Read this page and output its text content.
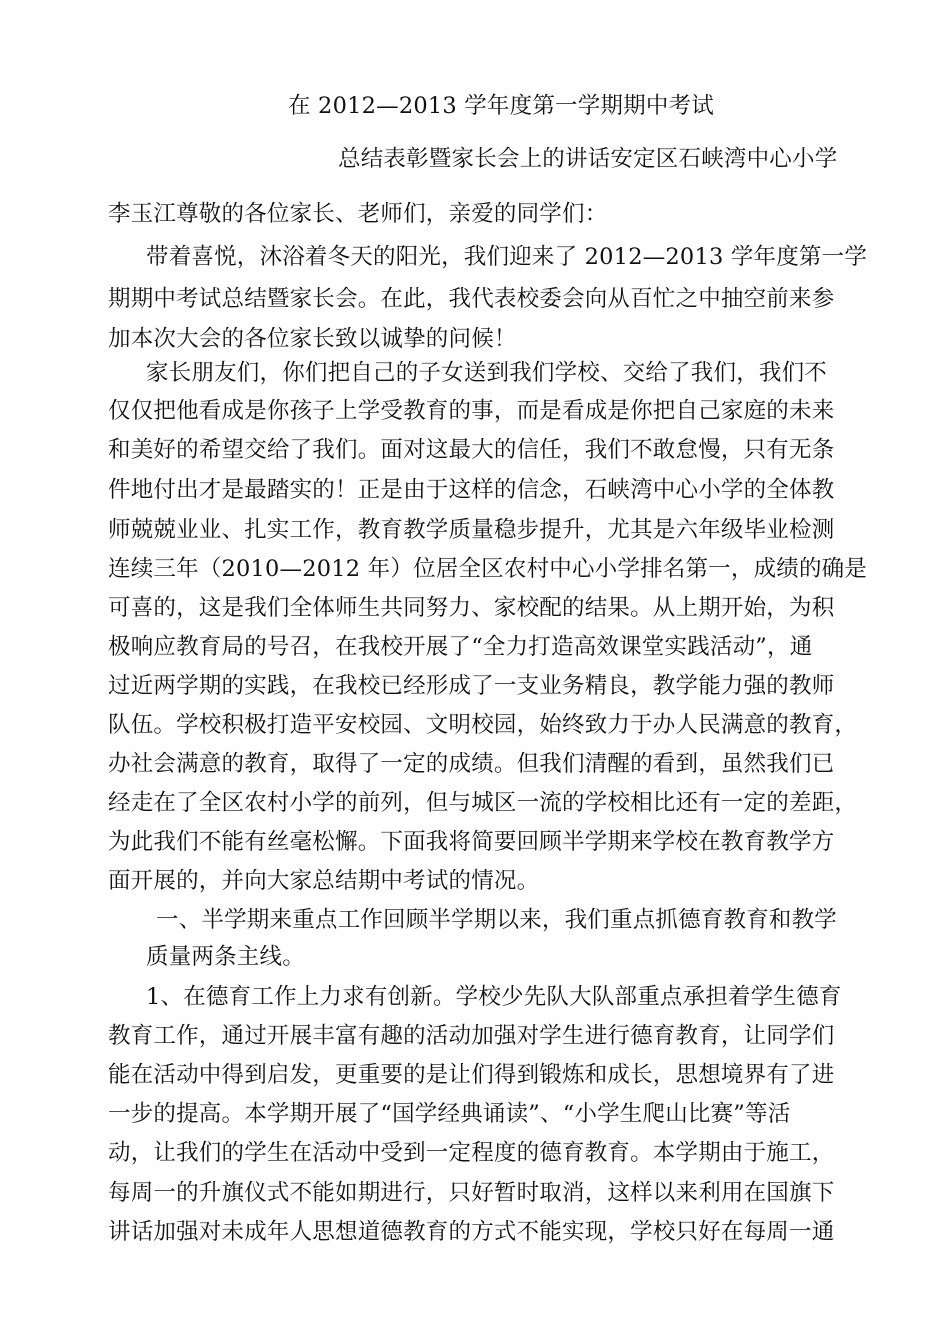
在 2012—2013 学年度第一学期期中考试
总结表彰暨家长会上的讲话安定区石峡湾中心小学
李玉江尊敬的各位家长、老师们，亲爱的同学们：
带着喜悦，沐浴着冬天的阳光，我们迎来了 2012—2013 学年度第一学
期期中考试总结暨家长会。在此，我代表校委会向从百忙之中抽空前来参
加本次大会的各位家长致以诚挚的问候！
家长朋友们，你们把自己的子女送到我们学校、交给了我们，我们不
仅仅把他看成是你孩子上学受教育的事，而是看成是你把自己家庭的未来
和美好的希望交给了我们。面对这最大的信任，我们不敢怠慢，只有无条
件地付出才是最踏实的！正是由于这样的信念，石峡湾中心小学的全体教
师兢兢业业、扎实工作，教育教学质量稳步提升，尤其是六年级毕业检测
连续三年（2010—2012 年）位居全区农村中心小学排名第一，成绩的确是
可喜的，这是我们全体师生共同努力、家校配的结果。从上期开始，为积
极响应教育局的号召，在我校开展了“全力打造高效课堂实践活动”，通
过近两学期的实践，在我校已经形成了一支业务精良，教学能力强的教师
队伍。学校积极打造平安校园、文明校园，始终致力于办人民满意的教育，
办社会满意的教育，取得了一定的成绩。但我们清醒的看到，虽然我们已
经走在了全区农村小学的前列，但与城区一流的学校相比还有一定的差距，
为此我们不能有丝毫松懈。下面我将简要回顾半学期来学校在教育教学方
面开展的，并向大家总结期中考试的情况。
一、半学期来重点工作回顾半学期以来，我们重点抓德育教育和教学
质量两条主线。
1、在德育工作上力求有创新。学校少先队大队部重点承担着学生德育
教育工作，通过开展丰富有趣的活动加强对学生进行德育教育，让同学们
能在活动中得到启发，更重要的是让们得到锻炼和成长，思想境界有了进
一步的提高。本学期开展了“国学经典诵读”、“小学生爬山比赛”等活
动，让我们的学生在活动中受到一定程度的德育教育。本学期由于施工，
每周一的升旗仪式不能如期进行，只好暂时取消，这样以来利用在国旗下
讲话加强对未成年人思想道德教育的方式不能实现，学校只好在每周一通
